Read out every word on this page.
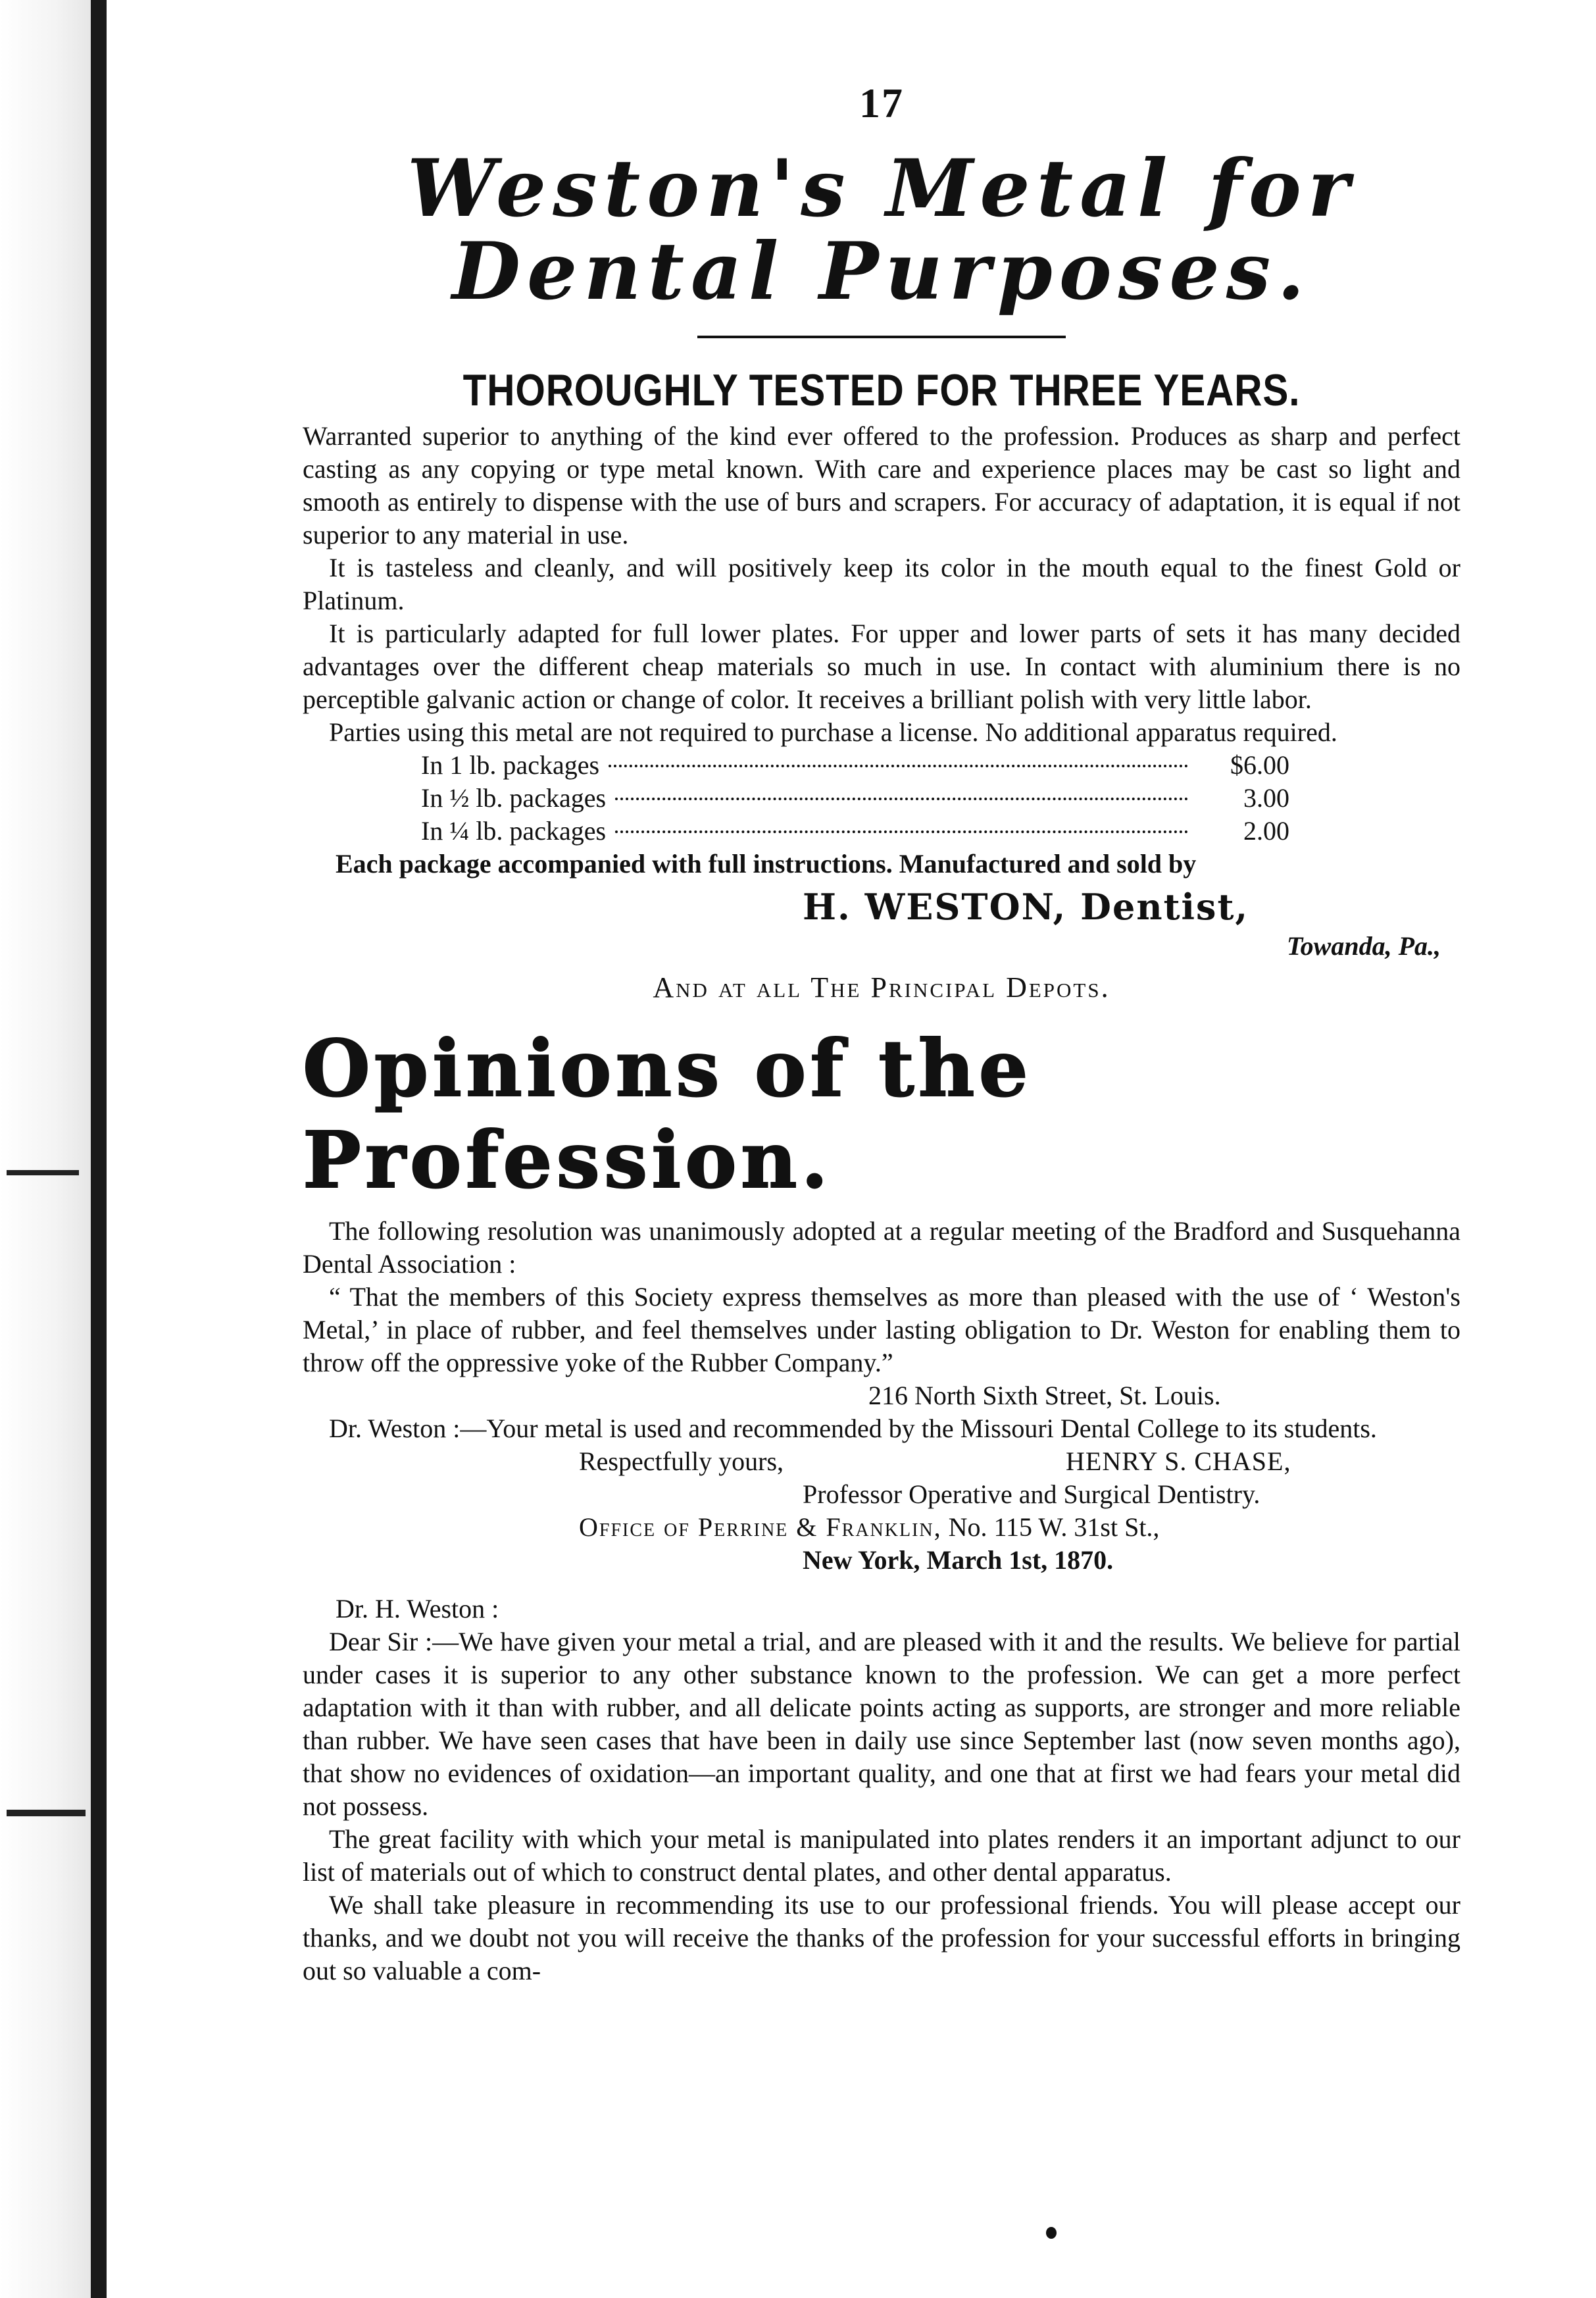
17
Weston's Metal for Dental Purposes.
THOROUGHLY TESTED FOR THREE YEARS.

Warranted superior to anything of the kind ever offered to the profession. Produces as sharp and perfect casting as any copying or type metal known. With care and experience places may be cast so light and smooth as entirely to dispense with the use of burs and scrapers. For accuracy of adaptation, it is equal if not superior to any material in use.

It is tasteless and cleanly, and will positively keep its color in the mouth equal to the finest Gold or Platinum.

It is particularly adapted for full lower plates. For upper and lower parts of sets it has many decided advantages over the different cheap materials so much in use. In contact with aluminium there is no perceptible galvanic action or change of color. It receives a brilliant polish with very little labor.

Parties using this metal are not required to purchase a license. No additional apparatus required.

In 1 lb. packages	$6.00
In ½ lb. packages	3.00
In ¼ lb. packages	2.00

Each package accompanied with full instructions. Manufactured and sold by

H. WESTON, Dentist,
Towanda, Pa.,
And at all The Principal Depots.
Opinions of the Profession.

The following resolution was unanimously adopted at a regular meeting of the Bradford and Susquehanna Dental Association :

“ That the members of this Society express themselves as more than pleased with the use of ‘ Weston's Metal,’ in place of rubber, and feel themselves under lasting obligation to Dr. Weston for enabling them to throw off the oppressive yoke of the Rubber Company.”

216 North Sixth Street, St. Louis.

Dr. Weston :—Your metal is used and recommended by the Missouri Dental College to its students.

Respectfully yours,	HENRY S. CHASE,
Professor Operative and Surgical Dentistry.
Office of Perrine & Franklin, No. 115 W. 31st St.,
New York, March 1st, 1870.
Dr. H. Weston :

Dear Sir :—We have given your metal a trial, and are pleased with it and the results. We believe for partial under cases it is superior to any other substance known to the profession. We can get a more perfect adaptation with it than with rubber, and all delicate points acting as supports, are stronger and more reliable than rubber. We have seen cases that have been in daily use since September last (now seven months ago), that show no evidences of oxidation—an important quality, and one that at first we had fears your metal did not possess.

The great facility with which your metal is manipulated into plates renders it an important adjunct to our list of materials out of which to construct dental plates, and other dental apparatus.

We shall take pleasure in recommending its use to our professional friends. You will please accept our thanks, and we doubt not you will receive the thanks of the profession for your successful efforts in bringing out so valuable a com-
